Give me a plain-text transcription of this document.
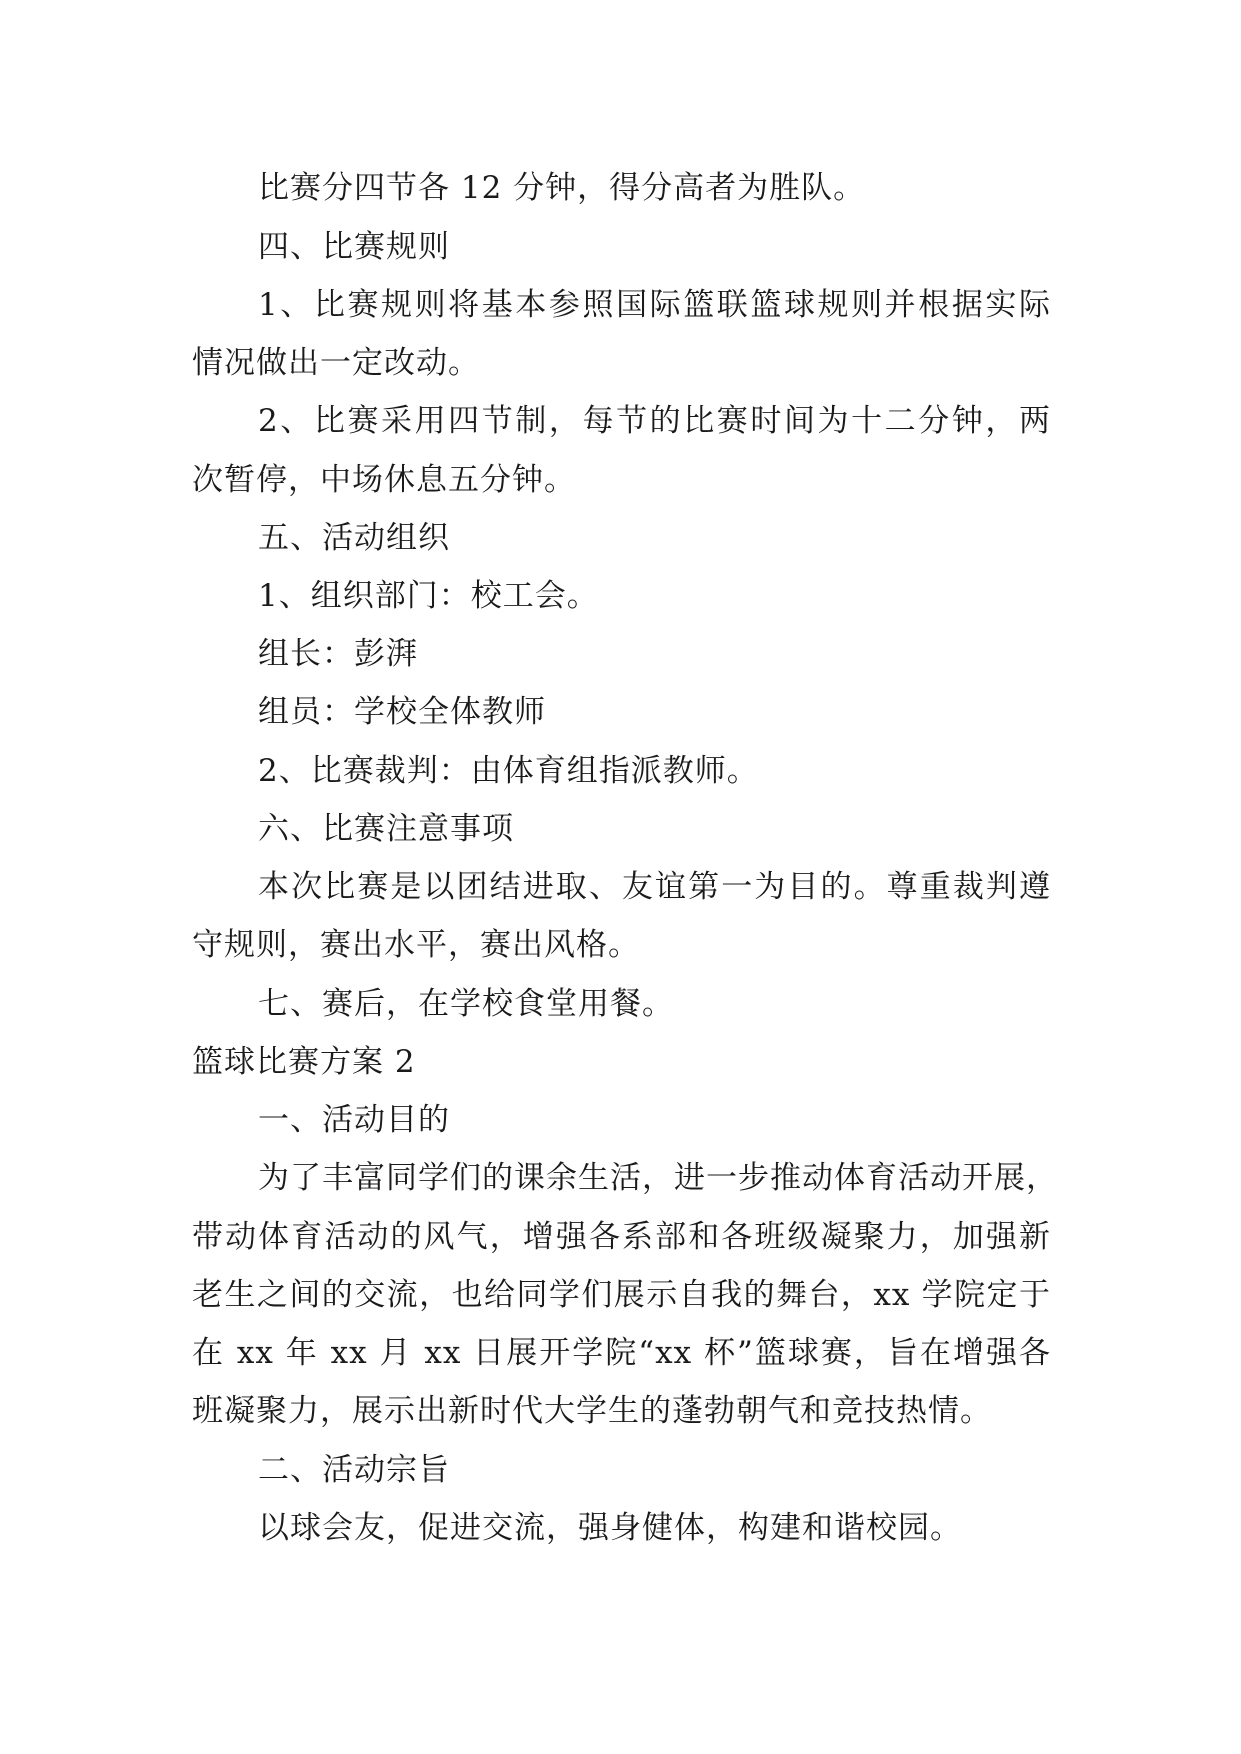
比赛分四节各 12 分钟，得分高者为胜队。
四、比赛规则
1、比赛规则将基本参照国际篮联篮球规则并根据实际
情况做出一定改动。
2、比赛采用四节制，每节的比赛时间为十二分钟，两
次暂停，中场休息五分钟。
五、活动组织
1、组织部门：校工会。
组长：彭湃
组员：学校全体教师
2、比赛裁判：由体育组指派教师。
六、比赛注意事项
本次比赛是以团结进取、友谊第一为目的。尊重裁判遵
守规则，赛出水平，赛出风格。
七、赛后，在学校食堂用餐。
篮球比赛方案 2
一、活动目的
为了丰富同学们的课余生活，进一步推动体育活动开展，
带动体育活动的风气，增强各系部和各班级凝聚力，加强新
老生之间的交流，也给同学们展示自我的舞台，xx 学院定于
在 xx 年 xx 月 xx 日展开学院“xx 杯”篮球赛，旨在增强各
班凝聚力，展示出新时代大学生的蓬勃朝气和竞技热情。
二、活动宗旨
以球会友，促进交流，强身健体，构建和谐校园。
